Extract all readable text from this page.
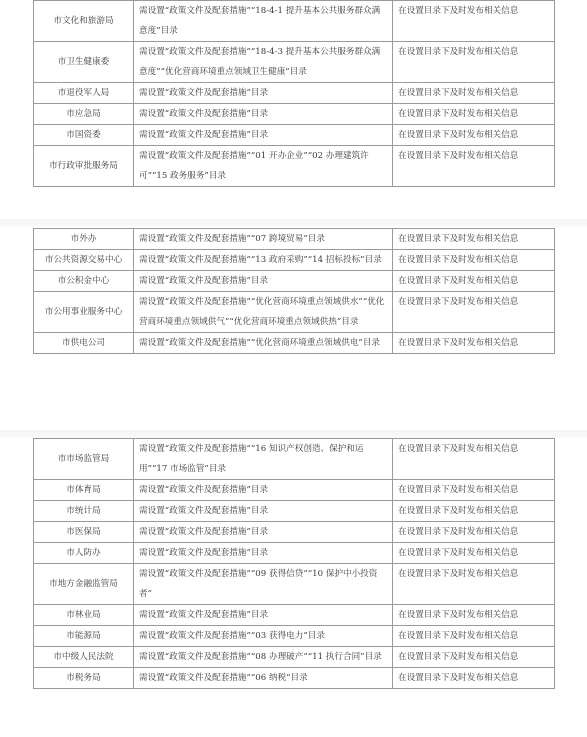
市文化和旅游局	需设置“政策文件及配套措施”“18-4-1 提升基本公共服务群众满意度”目录	在设置目录下及时发布相关信息
市卫生健康委	需设置“政策文件及配套措施”“18-4-3 提升基本公共服务群众满意度”“优化营商环境重点领域卫生健康”目录	在设置目录下及时发布相关信息
市退役军人局	需设置“政策文件及配套措施”目录	在设置目录下及时发布相关信息
市应急局	需设置“政策文件及配套措施”目录	在设置目录下及时发布相关信息
市国资委	需设置“政策文件及配套措施”目录	在设置目录下及时发布相关信息
市行政审批服务局	需设置“政策文件及配套措施”“01 开办企业”“02 办理建筑许可”“15 政务服务”目录	在设置目录下及时发布相关信息
市外办	需设置“政策文件及配套措施”“07 跨境贸易”目录	在设置目录下及时发布相关信息
市公共资源交易中心	需设置“政策文件及配套措施”“13 政府采购”“14 招标投标”目录	在设置目录下及时发布相关信息
市公积金中心	需设置“政策文件及配套措施”目录	在设置目录下及时发布相关信息
市公用事业服务中心	需设置“政策文件及配套措施”“优化营商环境重点领域供水”“优化营商环境重点领域供气”“优化营商环境重点领域供热”目录	在设置目录下及时发布相关信息
市供电公司	需设置“政策文件及配套措施”“优化营商环境重点领域供电”目录	在设置目录下及时发布相关信息
市市场监管局	需设置“政策文件及配套措施”“16 知识产权创造、保护和运用”“17 市场监管”目录	在设置目录下及时发布相关信息
市体育局	需设置“政策文件及配套措施”目录	在设置目录下及时发布相关信息
市统计局	需设置“政策文件及配套措施”目录	在设置目录下及时发布相关信息
市医保局	需设置“政策文件及配套措施”目录	在设置目录下及时发布相关信息
市人防办	需设置“政策文件及配套措施”目录	在设置目录下及时发布相关信息
市地方金融监管局	需设置“政策文件及配套措施”“09 获得信贷”“10 保护中小投资者”	在设置目录下及时发布相关信息
市林业局	需设置“政策文件及配套措施”目录	在设置目录下及时发布相关信息
市能源局	需设置“政策文件及配套措施”“03 获得电力”目录	在设置目录下及时发布相关信息
市中级人民法院	需设置“政策文件及配套措施”“08 办理破产”“11 执行合同”目录	在设置目录下及时发布相关信息
市税务局	需设置“政策文件及配套措施”“06 纳税”目录	在设置目录下及时发布相关信息
